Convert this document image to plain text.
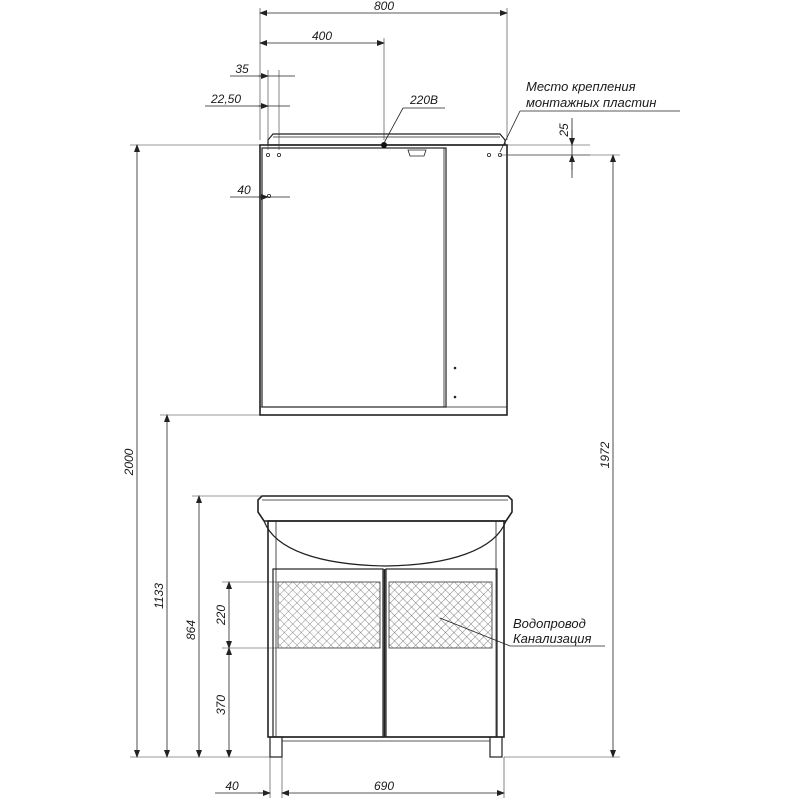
800
400
35
22,50	220В
40
25
1972
2000
1133
864
220
370
40	690
Место крепления
монтажных пластин
Водопровод
Канализация
